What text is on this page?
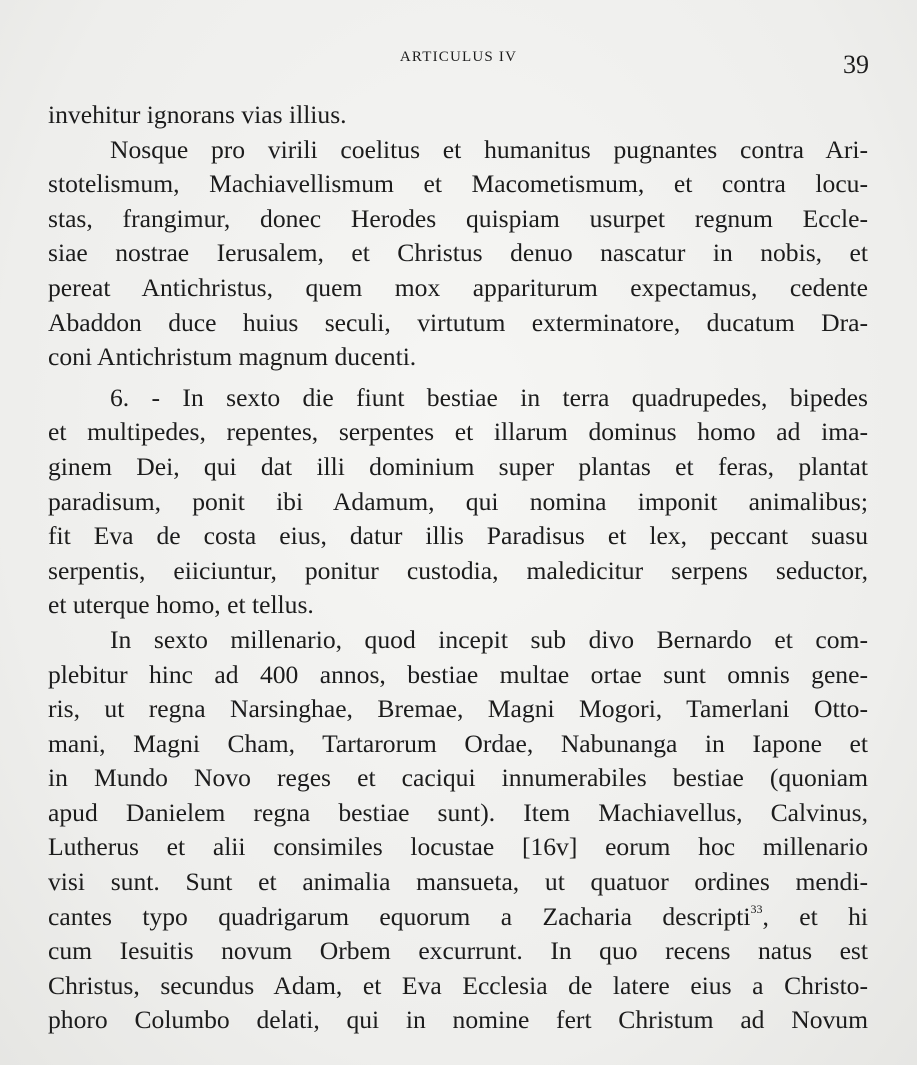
ARTICULUS IV	39
invehitur ignorans vias illius.
Nosque pro virili coelitus et humanitus pugnantes contra Ari-
stotelismum, Machiavellismum et Macometismum, et contra locu-
stas, frangimur, donec Herodes quispiam usurpet regnum Eccle-
siae nostrae Ierusalem, et Christus denuo nascatur in nobis, et
pereat Antichristus, quem mox appariturum expectamus, cedente
Abaddon duce huius seculi, virtutum exterminatore, ducatum Dra-
coni Antichristum magnum ducenti.
6. - In sexto die fiunt bestiae in terra quadrupedes, bipedes
et multipedes, repentes, serpentes et illarum dominus homo ad ima-
ginem Dei, qui dat illi dominium super plantas et feras, plantat
paradisum, ponit ibi Adamum, qui nomina imponit animalibus;
fit Eva de costa eius, datur illis Paradisus et lex, peccant suasu
serpentis, eiiciuntur, ponitur custodia, maledicitur serpens seductor,
et uterque homo, et tellus.
In sexto millenario, quod incepit sub divo Bernardo et com-
plebitur hinc ad 400 annos, bestiae multae ortae sunt omnis gene-
ris, ut regna Narsinghae, Bremae, Magni Mogori, Tamerlani Otto-
mani, Magni Cham, Tartarorum Ordae, Nabunanga in Iapone et
in Mundo Novo reges et caciqui innumerabiles bestiae (quoniam
apud Danielem regna bestiae sunt). Item Machiavellus, Calvinus,
Lutherus et alii consimiles locustae [16v] eorum hoc millenario
visi sunt. Sunt et animalia mansueta, ut quatuor ordines mendi-
cantes typo quadrigarum equorum a Zacharia descripti$^{33}$, et hi
cum Iesuitis novum Orbem excurrunt. In quo recens natus est
Christus, secundus Adam, et Eva Ecclesia de latere eius a Christo-
phoro Columbo delati, qui in nomine fert Christum ad Novum
